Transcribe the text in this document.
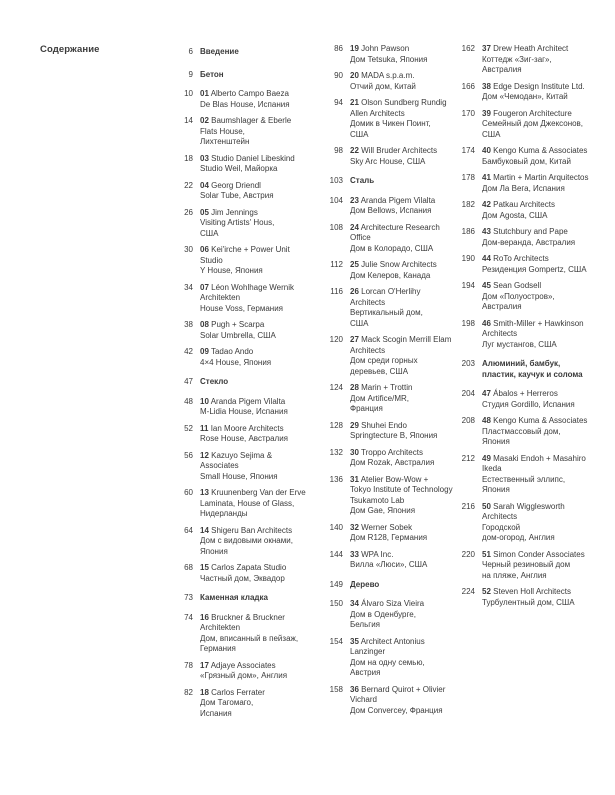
Содержание	6 Введение
9 Бетон
10 01 Alberto Campo Baeza
De Blas House, Испания
14 02 Baumshlager & Eberle
Flats House,
Лихтенштейн
18 03 Studio Daniel Libeskind
Studio Weil, Майорка
22 04 Georg Driendl
Solar Tube, Австрия
26 05 Jim Jennings
Visiting Artists' Hous,
США
30 06 Kei'irche + Power Unit
Studio
Y House, Япония
34 07 Léon Wohlhage Wernik
Architekten
House Voss, Германия
38 08 Pugh + Scarpa
Solar Umbrella, США
42 09 Tadao Ando
4×4 House, Япония
47 Стекло
48 10 Aranda Pigem Vilalta
M-Lidia House, Испания
52 11 Ian Moore Architects
Rose House, Австралия
56 12 Kazuyo Sejima &
Associates
Small House, Япония
60 13 Kruunenberg Van der Erve
Laminata, House of Glass,
Нидерланды
64 14 Shigeru Ban Architects
Дом с видовыми окнами,
Япония
68 15 Carlos Zapata Studio
Частный дом, Эквадор
73 Каменная кладка
74 16 Bruckner & Bruckner
Architekten
Дом, вписанный в пейзаж,
Германия
78 17 Adjaye Associates
«Грязный дом», Англия
82 18 Carlos Ferrater
Дом Тагомаго,
Испания
86 19 John Pawson
Дом Tetsuka, Япония
90 20 MADA s.p.a.m.
Отчий дом, Китай
94 21 Olson Sundberg Rundig
Allen Architects
Домик в Чикен Поинт,
США
98 22 Will Bruder Architects
Sky Arc House, США
103 Сталь
104 23 Aranda Pigem Vilalta
Дом Bellows, Испания
108 24 Architecture Research
Office
Дом в Колорадо, США
112 25 Julie Snow Architects
Дом Келеров, Канада
116 26 Lorcan O'Herlihy
Architects
Вертикальный дом,
США
120 27 Mack Scogin Merrill Elam
Architects
Дом среди горных
деревьев, США
124 28 Marin + Trottin
Дом Artifice/MR,
Франция
128 29 Shuhei Endo
Springtecture B, Япония
132 30 Troppo Architects
Дом Rozak, Австралия
136 31 Atelier Bow-Wow +
Tokyo Institute of Technology
Tsukamoto Lab
Дом Gae, Япония
140 32 Werner Sobek
Дом R128, Германия
144 33 WPA Inc.
Вилла «Люси», США
149 Дерево
150 34 Álvaro Siza Vieira
Дом в Оденбурге,
Бельгия
154 35 Architect Antonius
Lanzinger
Дом на одну семью,
Австрия
158 36 Bernard Quirot + Olivier
Vichard
Дом Convercey, Франция
162 37 Drew Heath Architect
Коттедж «Зиг-заг»,
Австралия
166 38 Edge Design Institute Ltd.
Дом «Чемодан», Китай
170 39 Fougeron Architecture
Семейный дом Джексонов,
США
174 40 Kengo Kuma & Associates
Бамбуковый дом, Китай
178 41 Martin + Martin Arquitectos
Дом Ла Вега, Испания
182 42 Patkau Architects
Дом Agosta, США
186 43 Stutchbury and Pape
Дом-веранда, Австралия
190 44 RoTo Architects
Резиденция Gompertz, США
194 45 Sean Godsell
Дом «Полуостров»,
Австралия
198 46 Smith-Miller + Hawkinson
Architects
Луг мустангов, США
203 Алюминий, бамбук,
пластик, каучук и солома
204 47 Ábalos + Herreros
Студия Gordillo, Испания
208 48 Kengo Kuma & Associates
Пластмассовый дом,
Япония
212 49 Masaki Endoh + Masahiro
Ikeda
Естественный эллипс,
Япония
216 50 Sarah Wigglesworth
Architects
Городской
дом-огород, Англия
220 51 Simon Conder Associates
Черный резиновый дом
на пляже, Англия
224 52 Steven Holl Architects
Турбулентный дом, США
